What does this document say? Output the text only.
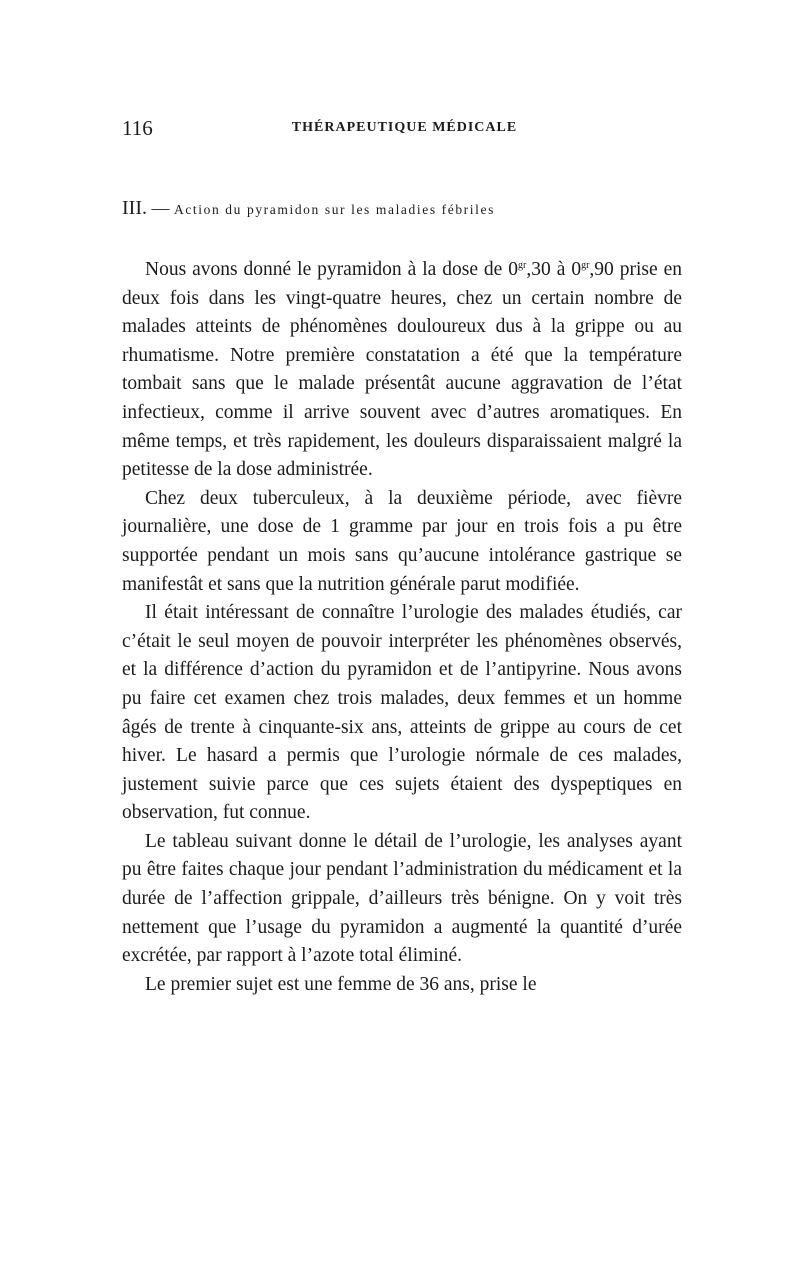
116	THÉRAPEUTIQUE MÉDICALE
III. — Action du pyramidon sur les maladies fébriles

Nous avons donné le pyramidon à la dose de $0^{gr},30$ à $0^{gr},90$ prise en deux fois dans les vingt-quatre heures, chez un certain nombre de malades atteints de phénomènes douloureux dus à la grippe ou au rhumatisme. Notre première constatation a été que la température tombait sans que le malade présentât aucune aggravation de l’état infectieux, comme il arrive souvent avec d’autres aromatiques. En même temps, et très rapidement, les douleurs disparaissaient malgré la petitesse de la dose administrée.

Chez deux tuberculeux, à la deuxième période, avec fièvre journalière, une dose de 1 gramme par jour en trois fois a pu être supportée pendant un mois sans qu’aucune intolérance gastrique se manifestât et sans que la nutrition générale parut modifiée.

Il était intéressant de connaître l’urologie des malades étudiés, car c’était le seul moyen de pouvoir interpréter les phénomènes observés, et la différence d’action du pyramidon et de l’antipyrine. Nous avons pu faire cet examen chez trois malades, deux femmes et un homme âgés de trente à cinquante-six ans, atteints de grippe au cours de cet hiver. Le hasard a permis que l’urologie nórmale de ces malades, justement suivie parce que ces sujets étaient des dyspeptiques en observation, fut connue.

Le tableau suivant donne le détail de l’urologie, les analyses ayant pu être faites chaque jour pendant l’administration du médicament et la durée de l’affection grippale, d’ailleurs très bénigne. On y voit très nettement que l’usage du pyramidon a augmenté la quantité d’urée excrétée, par rapport à l’azote total éliminé.

Le premier sujet est une femme de 36 ans, prise le
